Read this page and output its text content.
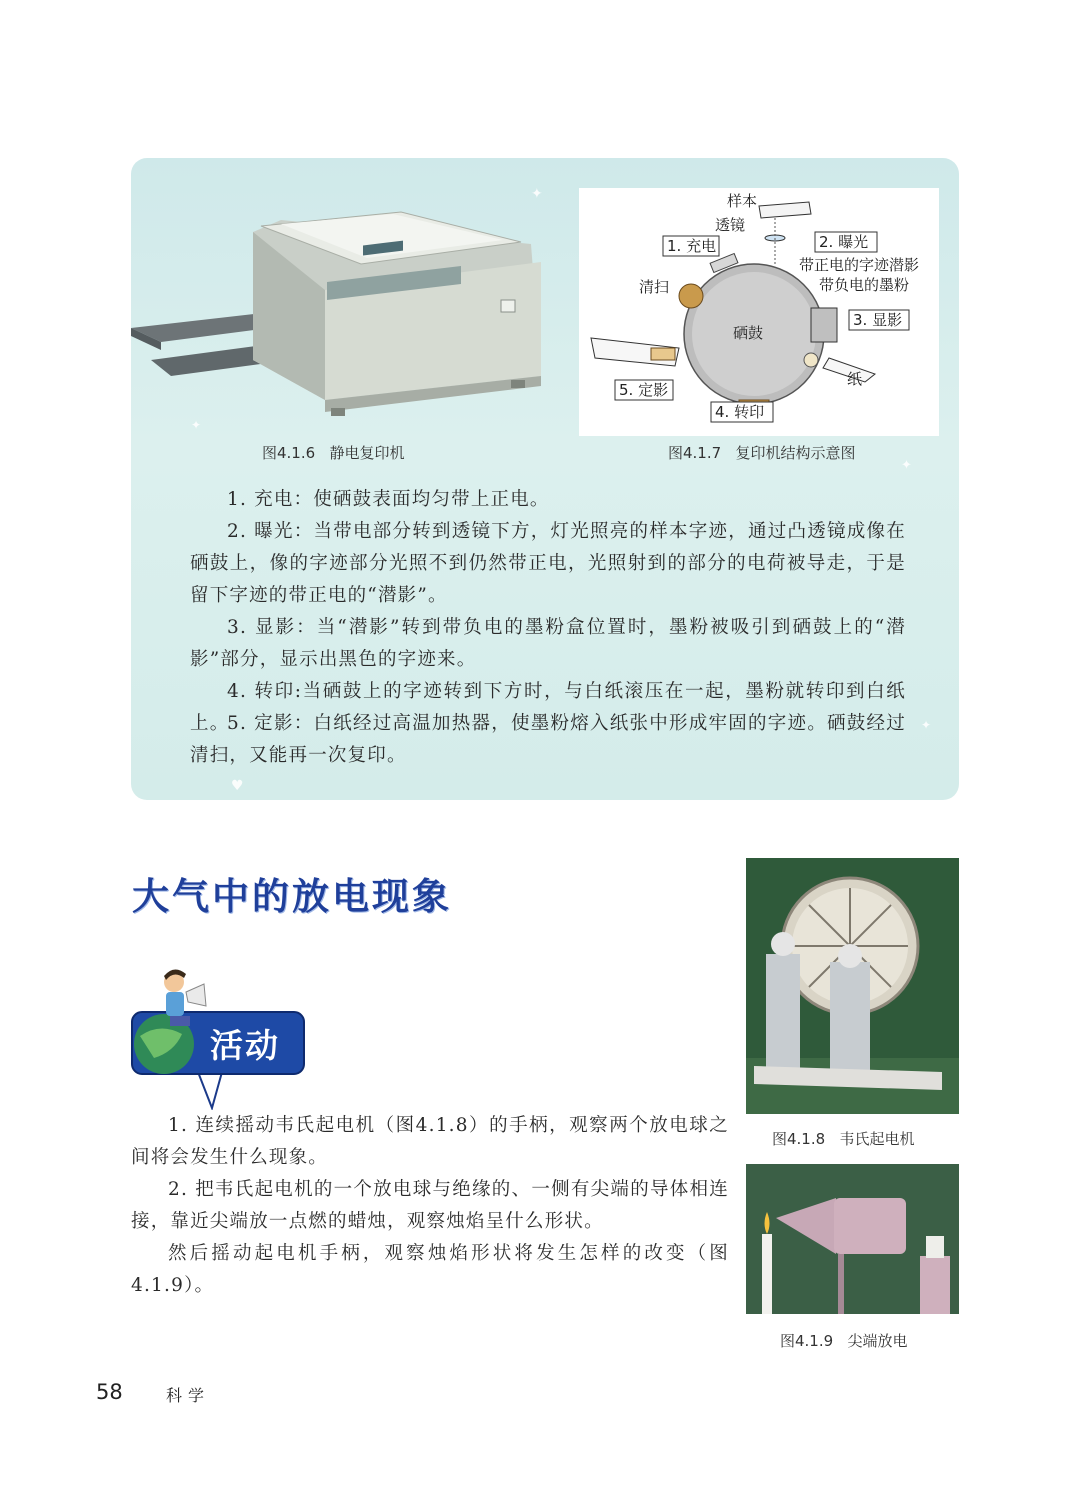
✦
✦
✦
♥
✦
样本
透镜
1. 充电	2. 曝光
带正电的字迹潜影
带负电的墨粉
清扫
硒鼓
3. 显影
纸
5. 定影
4. 转印
图4.1.6   静电复印机	图4.1.7   复印机结构示意图
1. 充电：使硒鼓表面均匀带上正电。
2. 曝光：当带电部分转到透镜下方，灯光照亮的样本字迹，通过凸透镜成像在硒鼓上，像的字迹部分光照不到仍然带正电，光照射到的部分的电荷被导走，于是留下字迹的带正电的“潜影”。
3. 显影：当“潜影”转到带负电的墨粉盒位置时，墨粉被吸引到硒鼓上的“潜影”部分，显示出黑色的字迹来。
4. 转印:当硒鼓上的字迹转到下方时，与白纸滚压在一起，墨粉就转印到白纸上。
5. 定影：白纸经过高温加热器，使墨粉熔入纸张中形成牢固的字迹。硒鼓经过清扫，又能再一次复印。
大气中的放电现象
活动
1. 连续摇动韦氏起电机（图4.1.8）的手柄，观察两个放电球之间将会发生什么现象。
2. 把韦氏起电机的一个放电球与绝缘的、一侧有尖端的导体相连接，靠近尖端放一点燃的蜡烛，观察烛焰呈什么形状。
然后摇动起电机手柄，观察烛焰形状将发生怎样的改变（图4.1.9）。
图4.1.8   韦氏起电机
图4.1.9   尖端放电
58	科学
